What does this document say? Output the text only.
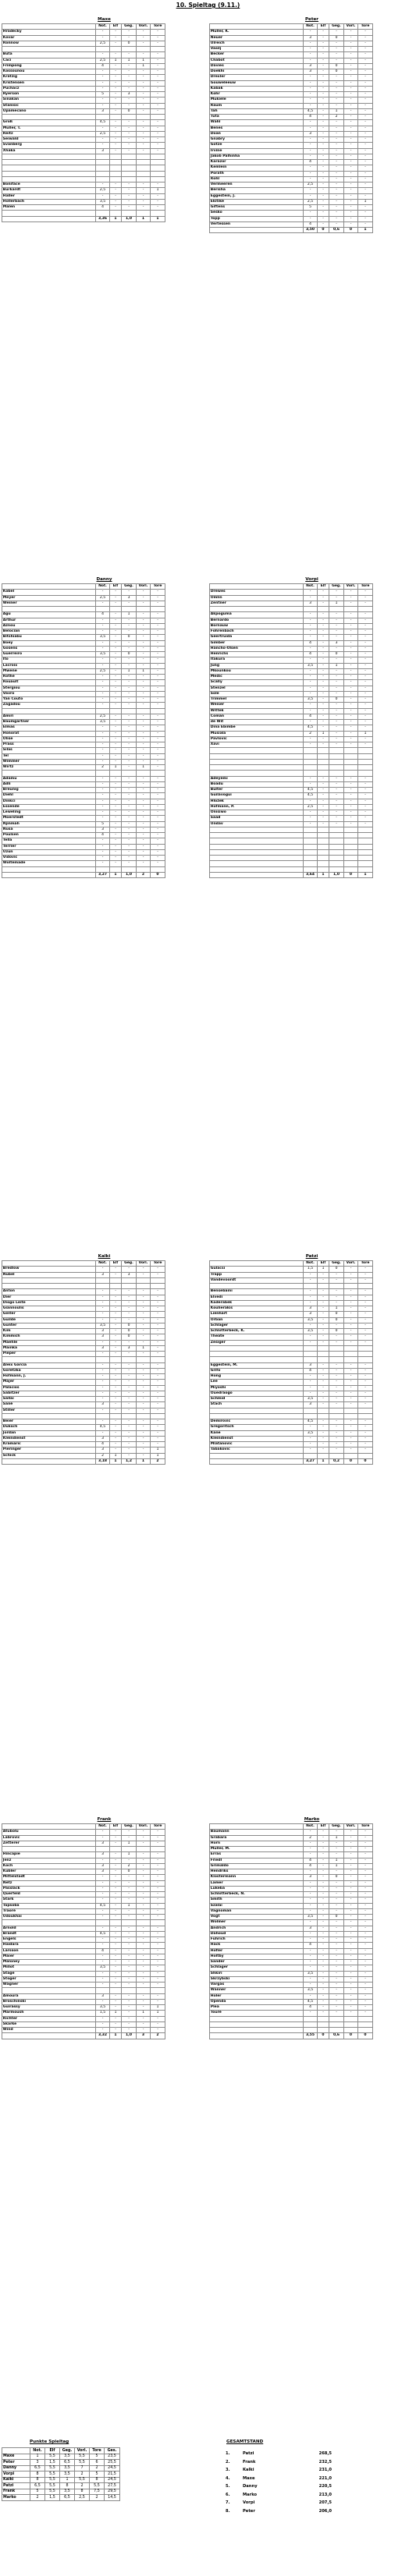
10. Spieltag (9.11.)
Maxe
	Not.	Elf	Geg.	Vorl.	Tore
Hradecky	-	-	-	-	-
Kovar	-	-	-	-	-
Rönnow	2,5	-	0	-	-

Buta	-	-	-	-	-
Caci	2,5	1	1	1	-
Frimpong	4	-	-	1	-
Kossounou	-	-	-	-	-
Kratzig	-	-	-	-	-
Kristensen	-	-	-	-	-
Puchacz	-	-	-	-	-
Ryerson	5	-	3	-	-
Sinakan	-	-	-	-	-
Stanisic	-	-	-	-	-
Upamecano	3	-	0	-	-

Groß	4,5	-	-	-	-
Müller, T.	-	-	-	-	-
Reitz	2,5	-	-	-	-
Seiwald	-	-	-	-	-
Svanberg	-	-	-	-	-
Xhaka	3	-	-	-	-

Boniface	-	-	-	-	-
Burkardt	2,5	-	-	-	1
Haller	-	-	-	-	-
Hollerbach	3,5	-	-	-	-
Malen	4	-	-	-	-

	3,36	1	1,0	1	1
Peter
	Not.	Elf	Geg.	Vorl.	Tore
Müller, K.	-	-	-	-	-
Neuer	3	-	0	-	-
Ulreich	-	-	-	-	-
Vasilj	-	-	-	-	-
Becker	-	-	-	-	-
Chabot	-	-	-	-	-
Davies	3	-	0	-	-
Doekhi	3	-	0	-	-
Drexler	-	-	-	-	-
Gouweleeuw	-	-	-	-	-
Kabak	-	-	-	-	-
Kohr	-	-	-	-	-
Mukiele	-	-	-	-	-
Raum	-	-	-	-	-
Tah	4,5	-	1	-	-
Tuta	4	-	2	-	-
Wahl	-	-	-	-	-
Benes	-	-	-	-	-
Doan	3	-	-	-	-
Gnabry	-	-	-	-	-
Götze	-	-	-	-	-
Irvine	-	-	-	-	-
Jakob Palhinha	-	-	-	-	-
Karazor	4	-	-	-	-
Kemlein	-	-	-	-	-
Porath	-	-	-	-	-
Rohl	-	-	-	-	-
Vermeeren	2,5	-	-	-	-
Berisha	-	-	-	-	-
Eggestein, J.	-	-	-	-	-
Ekitiké	2,5	-	-	-	1
Giftens	5	-	-	-	-
Sesko	-	-	-	-	-
Topp	-	-	-	-	-
Vertessen	4	-	-	-	-
	3,50	0	0,6	0	1
Danny
	Not.	Elf	Geg.	Vorl.	Tore
Kobel	-	-	-	-	-
Meyer	2,5	-	3	-	-
Weiner	-	-	-	-	-

Agu	4	-	1	-	-
Arthur	-	-	-	-	-
Aznou	-	-	-	-	-
Belocian	-	-	-	-	-
Bitshiabu	3,5	-	0	-	-
Boey	-	-	-	-	-
Gosens	-	-	-	-	-
Guerreiro	3,5	-	0	-	-
Ito	-	-	-	-	-
Lacroix	-	-	-	-	-
Mwene	2,5	-	1	1	-
Rothe	-	-	-	-	-
Rouault	-	-	-	-	-
Stergiou	-	-	-	-	-
Vavro	-	-	-	-	-
Yan Couto	-	-	-	-	-
Zagadou	-	-	-	-	-

Amiri	2,5	-	-	-	-
Baumgartner	3,5	-	-	-	-
Elmas	-	-	-	-	-
Honorat	-	-	-	-	-
Olise	-	-	-	-	-
Prass	-	-	-	-	-
Silas	-	-	-	-	-
Tel	-	-	-	-	-
Wimmer	-	-	-	-	-
Wirtz	2	1	-	1	-

Adamu	-	-	-	-	-
Adli	-	-	-	-	-
Breunig	-	-	-	-	-
Diehl	-	-	-	-	-
Dinkci	-	-	-	-	-
Essende	-	-	-	-	-
Leweling	-	-	-	-	-
Moerstedt	-	-	-	-	-
Njinmah	5	-	-	-	-
Nusa	3	-	-	-	-
Poulsen	4	-	-	-	-
Tella	-	-	-	-	-
Terrier	-	-	-	-	-
Uzun	-	-	-	-	-
Vidovic	-	-	-	-	-
Woltemade	-	-	-	-	-

	3,27	1	1,0	2	0
Vorpi
	Not.	Elf	Geg.	Vorl.	Tore
Drewes	-	-	-	-	-
Omlin	-	-	-	-	-
Zentner	3	-	1	-	-

Akpoguma	-	-	-	-	-
Bernardo	-	-	-	-	-
Bornauw	-	-	-	-	-
Föhrenbach	-	-	-	-	-
Geertruida	-	-	-	-	-
Gimber	4	-	3	-	-
Hancho-Olsen	-	-	-	-	-
Henrichs	4	-	0	-	-
Itakura	-	-	-	-	-
Jung	3,5	-	1	-	-
Mkounkou	-	-	-	-	-
Medic	-	-	-	-	-
Scally	-	-	-	-	-
Stenzel	-	-	-	-	-
Sole	-	-	-	-	-
Trimmel	3,5	-	0	-	-
Weiser	-	-	-	-	-
Wittek	-	-	-	-	-
Coman	4	-	-	-	-
de Wit	-	-	-	-	-
Dina Ebimbe	4,5	-	-	-	-
Musiala	2	1	-	-	1
Pavlovic	-	-	-	-	-
Xavi	-	-	-	-	-

Adeyemi	-	-	-	-	-
Boadu	-	-	-	-	-
Bülter	4,5	-	-	-	-
Guilavogui	4,5	-	-	-	-
Hložek	-	-	-	-	-
Hofmann, P.	2,5	-	-	-	-
Onisiwo	-	-	-	-	-
Saad	-	-	-	-	-
Undav	-	-	-	-	-

	3,64	1	1,0	0	1
Kalki
	Not.	Elf	Geg.	Vorl.	Tore
Bredlow	-	-	-	-	-
Nübel	3	-	3	-	-

Anton	-	-	-	-	-
Dier	-	-	-	-	-
Diogo Leite	-	-	-	-	-
Giannoulis	-	-	-	-	-
Ginter	-	-	-	-	-
Guilde	-	-	-	-	-
Günter	3,5	-	0	-	-
Kim	3	-	0	-	-
Kimmich	3	-	0	-	-
Maehle	-	-	-	-	-
Mainka	3	-	3	1	-
Pieper	-	-	-	-	-

Aleix Garcia	-	-	-	-	-
Goretzka	-	-	-	-	-
Hofmann, J.	-	-	-	-	-
Majer	-	-	-	-	-
Palacios	-	-	-	-	-
Sabitzer	-	-	-	-	-
Sallai	-	-	-	-	-
Sané	3	-	-	-	-
Stiller	-	-	-	-	-

Beier	-	-	-	-	-
Duksch	4,5	-	-	-	-
Jordan	-	-	-	-	-
Kleindienst	3	-	-	-	-
Kramaric	4	-	-	-	-
Pieringer	3	-	-	-	1
Schick	2	1	-	-	1
	3,18	1	1,2	1	2
Patzi
	Not.	Elf	Geg.	Vorl.	Tore
Gulacsi	1,5	1	0	-	-
Trapp	-	-	-	-	-
Vandevoordt	-	-	-	-	-

Bensebaini	-	-	-	-	-
Elvedi	-	-	-	-	-
Kaderabek	-	-	-	-	-
Koulierakis	3	-	1	-	-
Lienhart	3	-	0	-	-
Orban	3,5	-	0	-	-
Schlager	-	-	-	-	-
Schlotterbeck, K.	3,5	-	0	-	-
Theate	-	-	-	-	-
Zesiger	-	-	-	-	-

Eggestein, M.	3	-	-	-	-
Grifo	4	-	-	-	-
Hong	-	-	-	-	-
Lee	-	-	-	-	-
Miyoshi	-	-	-	-	-
Ouedraogo	-	-	-	-	-
Schmid	3,5	-	-	-	-
Stach	3	-	-	-	-

Demirovic	4,5	-	-	-	-
Gregoritsch	-	-	-	-	-
Kane	3,5	-	-	-	-
Kleindienst	-	-	-	-	-
Mlatanovic	-	-	-	-	-
Tabakovic	-	-	-	-	-

	3,27	1	0,2	0	0
Frank
	Not.	Elf	Geg.	Vorl.	Tore
Atubolu	-	-	-	-	-
Labrovic	-	-	-	-	-
Zetterer	3	-	1	-	-

Hincapie	3	-	1	-	-
Jenz	-	-	-	-	-
Koch	3	-	2	-	-
Kübler	3	-	0	-	-
Mittelstädt	-	-	-	-	-
Netz	-	-	-	-	-
Passlack	-	-	-	-	-
Querfeld	-	-	-	-	-
Stark	-	-	-	-	-
Tapsoba	4,5	-	1	-	-
Traoré	-	-	-	-	-
Udoukhai	-	-	-	-	-

Arnold	-	-	-	-	-
Brandt	4,5	-	-	-	-
Engels	-	-	-	-	-
Haidara	-	-	-	-	-
Larsson	4	-	-	-	-
Maier	-	-	-	-	-
Maloney	-	-	-	-	-
Millot	3,5	-	-	-	-
Stage	-	-	-	-	-
Stöger	-	-	-	-	-
Wagner	-	-	-	-	-

Amoura	3	-	-	-	-
Broschinski	-	-	-	-	-
Guirassy	3,5	-	-	-	1
Marmoush	1,5	1	-	1	1
Richter	-	-	-	-	-
Skarke	-	-	-	-	-
Wind	-	-	-	-	-
	3,32	1	1,0	3	2
Marko
	Not.	Elf	Geg.	Vorl.	Tore
Baumann	-	-	-	-	-
Grabara	2	-	1	-	-
Horn	-	-	-	-	-
Müller, M.	-	-	-	-	-
Erras	-	-	-	-	-
Friedl	4	-	1	-	-
Grimaldo	4	-	1	-	-
Hendriks	-	-	-	-	-
Klostermann	3	-	0	-	-
Lamer	-	-	-	-	-
Lukeba	-	-	-	-	-
Schlotterbeck, N.	-	-	-	-	-
Smith	-	-	-	-	-
Szalai	-	-	-	-	-
Vagnoman	-	-	-	-	-
Vogt	3,5	-	0	-	-
Wölmer	-	-	-	-	-
Andrich	3	-	-	-	-
Dahoud	-	-	-	-	-
Führich	-	-	-	-	-
Hack	4	-	-	-	-
Höfler	-	-	-	-	-
Holtby	-	-	-	-	-
Sander	-	-	-	-	-
Schlager	-	-	-	-	-
Shkiri	3,5	-	-	-	-
Skrzybski	-	-	-	-	-
Vargas	-	-	-	-	-
Wanner	3,5	-	-	-	-
Höler	-	-	-	-	-
Openda	4,5	-	-	-	-
Plea	4	-	-	-	-
Touré	-	-	-	-	-

	3,55	0	0,6	0	0
Punkte Spieltag
	Not.	Elf	Geg.	Vorl.	Tore	Ges.
Maxe	1	5,5	3,5	5,5	5	23,5
Peter	3	1,5	6,5	5,5	6	25,5
Danny	6,5	5,5	3,5	7	2	24,5
Vorpi	8	5,5	3,5	2	5	21,5
Kalki	8	5,5	1	5,5	8	24,5
Patzi	6,5	5,5	8	2	5,5	27,5
Frank	5	5,5	3,5	8	7,5	29,5
Marko	2	1,5	6,5	2,5	2	14,5
GESAMTSTAND
1.	Patzi	268,5
2.	Frank	232,5
3.	Kalki	231,0
4.	Maxe	221,0
5.	Danny	220,5
6.	Marko	213,0
7.	Vorpi	207,5
8.	Peter	206,0
